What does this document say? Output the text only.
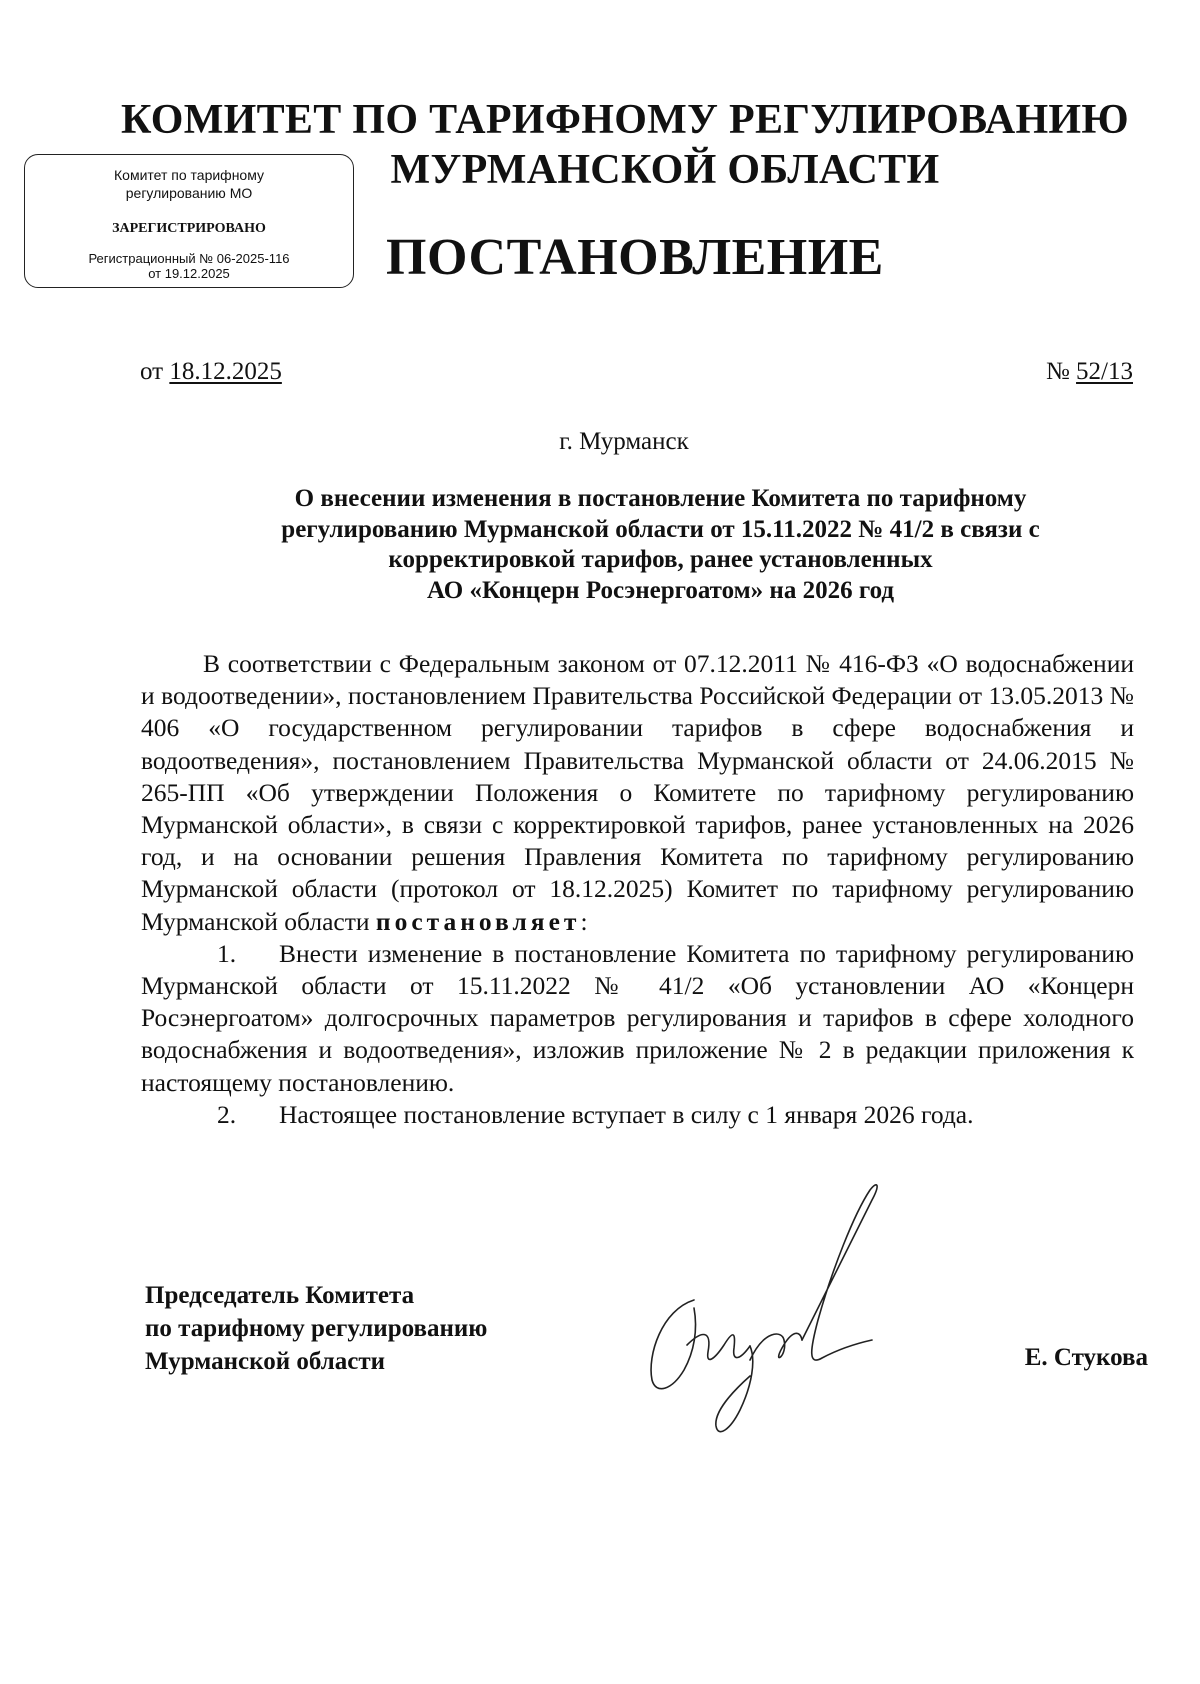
КОМИТЕТ ПО ТАРИФНОМУ РЕГУЛИРОВАНИЮ
МУРМАНСКОЙ ОБЛАСТИ
Комитет по тарифному регулированию МО
ЗАРЕГИСТРИРОВАНО
Регистрационный № 06-2025-116
от 19.12.2025	ПОСТАНОВЛЕНИЕ
от 18.12.2025	№ 52/13
г. Мурманск
О внесении изменения в постановление Комитета по тарифному
регулированию Мурманской области от 15.11.2022 № 41/2 в связи с
корректировкой тарифов, ранее установленных
АО «Концерн Росэнергоатом» на 2026 год

В соответствии с Федеральным законом от 07.12.2011 № 416-ФЗ «О водоснабжении и водоотведении», постановлением Правительства Российской Федерации от 13.05.2013 № 406 «О государственном регулировании тарифов в сфере водоснабжения и водоотведения», постановлением Правительства Мурманской области от 24.06.2015 № 265-ПП «Об утверждении Положения о Комитете по тарифному регулированию Мурманской области», в связи с корректировкой тарифов, ранее установленных на 2026 год, и на основании решения Правления Комитета по тарифному регулированию Мурманской области (протокол от 18.12.2025) Комитет по тарифному регулированию Мурманской области постановляет:

1. Внести изменение в постановление Комитета по тарифному регулированию Мурманской области от 15.11.2022 № 41/2 «Об установлении АО «Концерн Росэнергоатом» долгосрочных параметров регулирования и тарифов в сфере холодного водоснабжения и водоотведения», изложив приложение № 2 в редакции приложения к настоящему постановлению.

2. Настоящее постановление вступает в силу с 1 января 2026 года.

Председатель Комитета
по тарифному регулированию
Мурманской области	Е. Стукова
